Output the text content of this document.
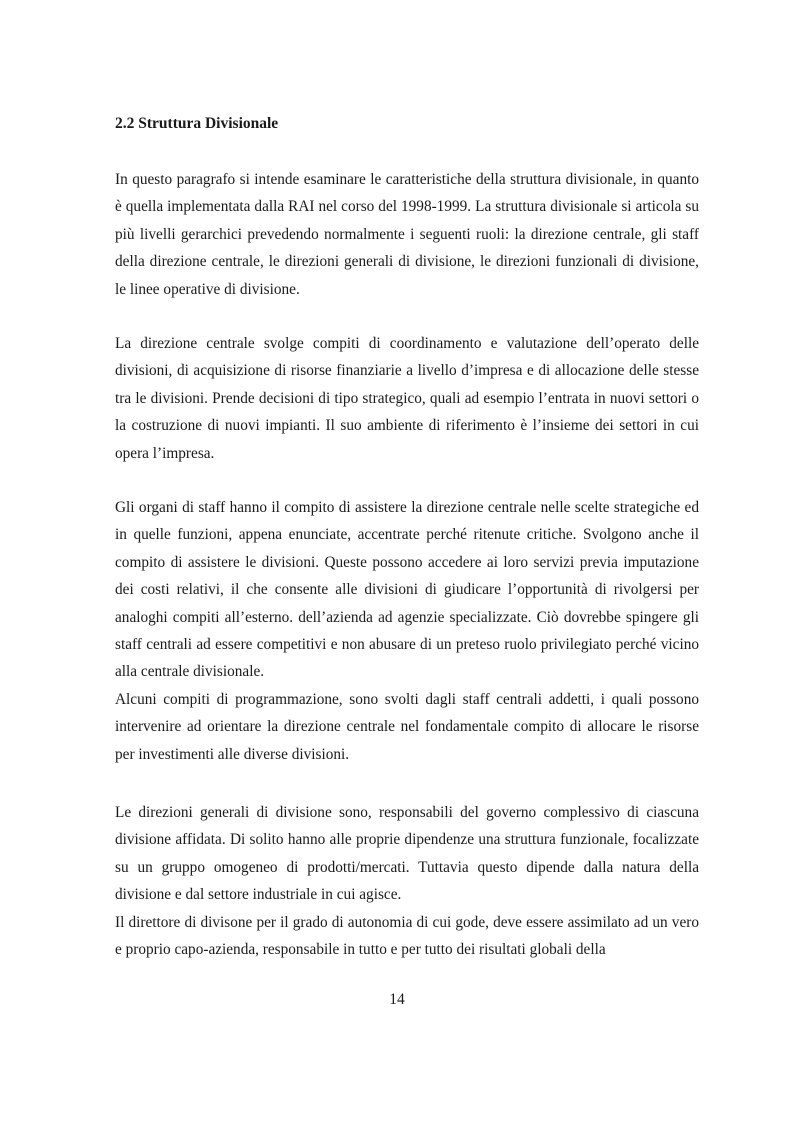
2.2 Struttura Divisionale

In questo paragrafo si intende esaminare le caratteristiche della struttura divisionale, in quanto è quella implementata dalla RAI nel corso del 1998-1999. La struttura divisionale si articola su più livelli gerarchici prevedendo normalmente i seguenti ruoli: la direzione centrale, gli staff della direzione centrale, le direzioni generali di divisione, le direzioni funzionali di divisione, le linee operative di divisione.

La direzione centrale svolge compiti di coordinamento e valutazione dell’operato delle divisioni, di acquisizione di risorse finanziarie a livello d’impresa e di allocazione delle stesse tra le divisioni. Prende decisioni di tipo strategico, quali ad esempio l’entrata in nuovi settori o la costruzione di nuovi impianti. Il suo ambiente di riferimento è l’insieme dei settori in cui opera l’impresa.

Gli organi di staff hanno il compito di assistere la direzione centrale nelle scelte strategiche ed in quelle funzioni, appena enunciate, accentrate perché ritenute critiche. Svolgono anche il compito di assistere le divisioni. Queste possono accedere ai loro servizi previa imputazione dei costi relativi, il che consente alle divisioni di giudicare l’opportunità di rivolgersi per analoghi compiti all’esterno. dell’azienda ad agenzie specializzate. Ciò dovrebbe spingere gli staff centrali ad essere competitivi e non abusare di un preteso ruolo privilegiato perché vicino alla centrale divisionale.
Alcuni compiti di programmazione, sono svolti dagli staff centrali addetti, i quali possono intervenire ad orientare la direzione centrale nel fondamentale compito di allocare le risorse per investimenti alle diverse divisioni.
Le direzioni generali di divisione sono, responsabili del governo complessivo di ciascuna divisione affidata. Di solito hanno alle proprie dipendenze una struttura funzionale, focalizzate su un gruppo omogeneo di prodotti/mercati. Tuttavia questo dipende dalla natura della divisione e dal settore industriale in cui agisce.
Il direttore di divisone per il grado di autonomia di cui gode, deve essere assimilato ad un vero e proprio capo-azienda, responsabile in tutto e per tutto dei risultati globali della
14
